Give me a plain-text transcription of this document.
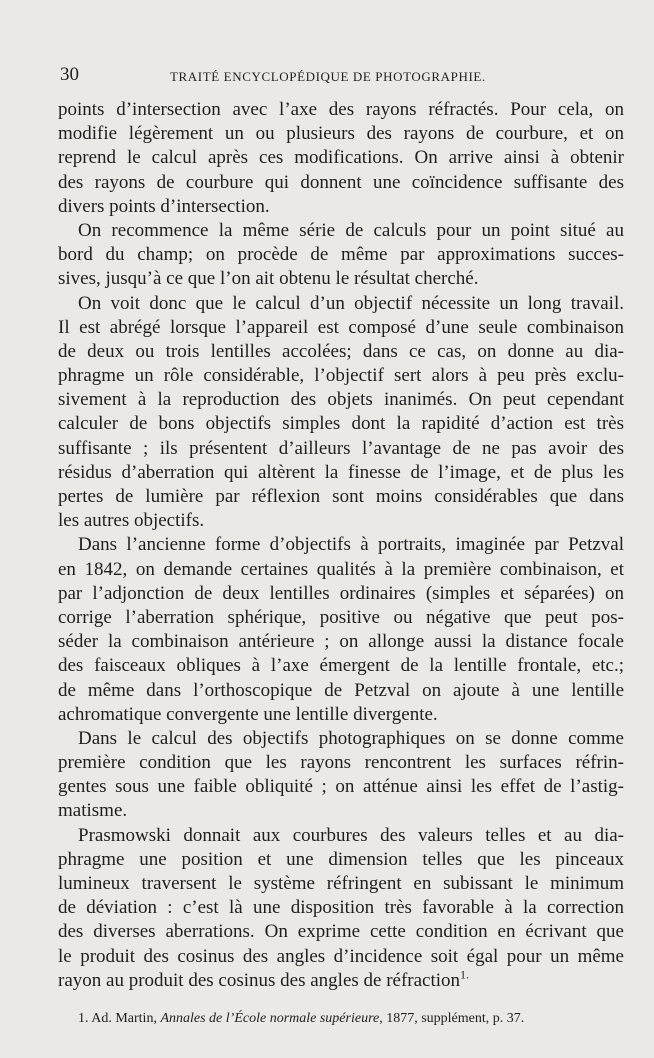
30	TRAITÉ ENCYCLOPÉDIQUE DE PHOTOGRAPHIE.
points d’intersection avec l’axe des rayons réfractés. Pour cela, on
modifie légèrement un ou plusieurs des rayons de courbure, et on
reprend le calcul après ces modifications. On arrive ainsi à obtenir
des rayons de courbure qui donnent une coïncidence suffisante des
divers points d’intersection.
On recommence la même série de calculs pour un point situé au
bord du champ; on procède de même par approximations succes-
sives, jusqu’à ce que l’on ait obtenu le résultat cherché.
On voit donc que le calcul d’un objectif nécessite un long travail.
Il est abrégé lorsque l’appareil est composé d’une seule combinaison
de deux ou trois lentilles accolées; dans ce cas, on donne au dia-
phragme un rôle considérable, l’objectif sert alors à peu près exclu-
sivement à la reproduction des objets inanimés. On peut cependant
calculer de bons objectifs simples dont la rapidité d’action est très
suffisante ; ils présentent d’ailleurs l’avantage de ne pas avoir des
résidus d’aberration qui altèrent la finesse de l’image, et de plus les
pertes de lumière par réflexion sont moins considérables que dans
les autres objectifs.
Dans l’ancienne forme d’objectifs à portraits, imaginée par Petzval
en 1842, on demande certaines qualités à la première combinaison, et
par l’adjonction de deux lentilles ordinaires (simples et séparées) on
corrige l’aberration sphérique, positive ou négative que peut pos-
séder la combinaison antérieure ; on allonge aussi la distance focale
des faisceaux obliques à l’axe émergent de la lentille frontale, etc.;
de même dans l’orthoscopique de Petzval on ajoute à une lentille
achromatique convergente une lentille divergente.
Dans le calcul des objectifs photographiques on se donne comme
première condition que les rayons rencontrent les surfaces réfrin-
gentes sous une faible obliquité ; on atténue ainsi les effet de l’astig-
matisme.
Prasmowski donnait aux courbures des valeurs telles et au dia-
phragme une position et une dimension telles que les pinceaux
lumineux traversent le système réfringent en subissant le minimum
de déviation : c’est là une disposition très favorable à la correction
des diverses aberrations. On exprime cette condition en écrivant que
le produit des cosinus des angles d’incidence soit égal pour un même
rayon au produit des cosinus des angles de réfraction$^{1.}$
1. Ad. Martin, Annales de l’École normale supérieure, 1877, supplément, p. 37.
